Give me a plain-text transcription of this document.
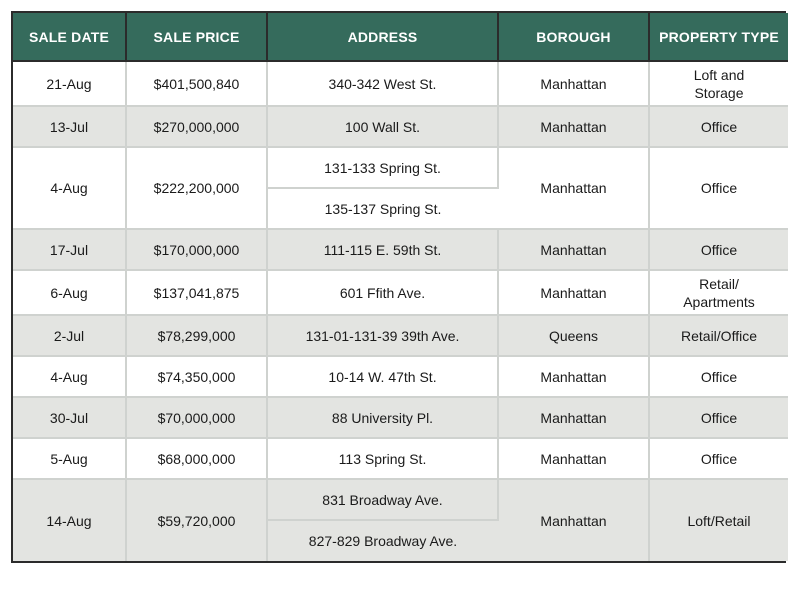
SALE DATE	SALE PRICE	ADDRESS	BOROUGH	PROPERTY TYPE
21-Aug	$401,500,840	340-342 West St.	Manhattan	Loft and
Storage
13-Jul	$270,000,000	100 Wall St.	Manhattan	Office
4-Aug	$222,200,000	131-133 Spring St.	Manhattan	Office
		135-137 Spring St.		
17-Jul	$170,000,000	111-115 E. 59th St.	Manhattan	Office
6-Aug	$137,041,875	601 Ffith Ave.	Manhattan	Retail/
Apartments
2-Jul	$78,299,000	131-01-131-39 39th Ave.	Queens	Retail/Office
4-Aug	$74,350,000	10-14 W. 47th St.	Manhattan	Office
30-Jul	$70,000,000	88 University Pl.	Manhattan	Office
5-Aug	$68,000,000	113 Spring St.	Manhattan	Office
14-Aug	$59,720,000	831 Broadway Ave.	Manhattan	Loft/Retail
		827-829 Broadway Ave.		
